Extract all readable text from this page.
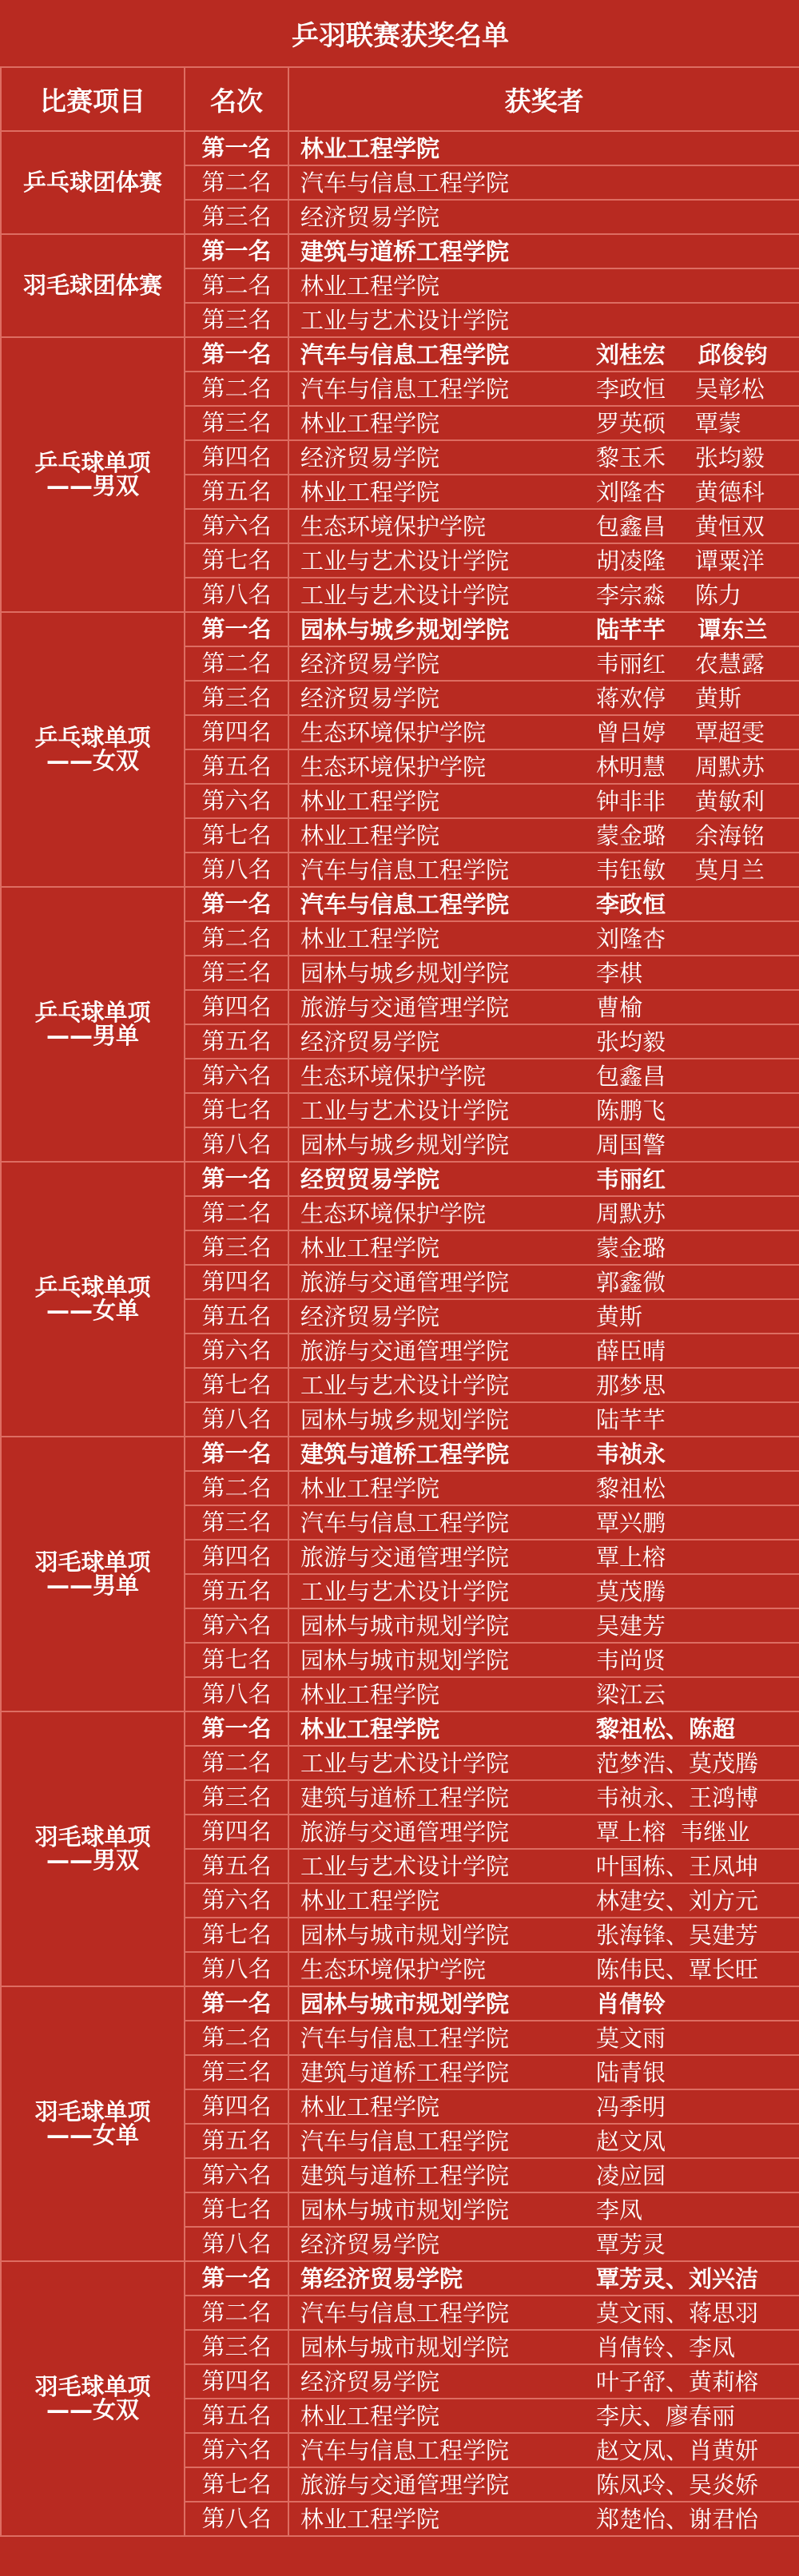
乒羽联赛获奖名单		
比赛项目	名次	获奖者

乒乓球团体赛	第一名	林业工程学院
	第二名	汽车与信息工程学院
	第三名	经济贸易学院

羽毛球团体赛	第一名	建筑与道桥工程学院
	第二名	林业工程学院
	第三名	工业与艺术设计学院

乒乓球单项
——男双	第一名	汽车与信息工程学院 刘桂宏    邱俊钧
	第二名	汽车与信息工程学院 李政恒    吴彰松
	第三名	林业工程学院 罗英硕    覃蒙
	第四名	经济贸易学院 黎玉禾    张均毅
	第五名	林业工程学院 刘隆杏    黄德科
	第六名	生态环境保护学院 包鑫昌    黄恒双
	第七名	工业与艺术设计学院 胡凌隆    谭粟洋
	第八名	工业与艺术设计学院 李宗淼    陈力

乒乓球单项
——女双	第一名	园林与城乡规划学院 陆芊芊    谭东兰
	第二名	经济贸易学院 韦丽红    农慧露
	第三名	经济贸易学院 蒋欢停    黄斯
	第四名	生态环境保护学院 曾吕婷    覃超雯
	第五名	生态环境保护学院 林明慧    周默苏
	第六名	林业工程学院 钟非非    黄敏利
	第七名	林业工程学院 蒙金璐    余海铭
	第八名	汽车与信息工程学院 韦钰敏    莫月兰

乒乓球单项
——男单	第一名	汽车与信息工程学院 李政恒
	第二名	林业工程学院 刘隆杏
	第三名	园林与城乡规划学院 李棋
	第四名	旅游与交通管理学院 曹榆
	第五名	经济贸易学院 张均毅
	第六名	生态环境保护学院 包鑫昌
	第七名	工业与艺术设计学院 陈鹏飞
	第八名	园林与城乡规划学院 周国警

乒乓球单项
——女单	第一名	经贸贸易学院 韦丽红
	第二名	生态环境保护学院 周默苏
	第三名	林业工程学院 蒙金璐
	第四名	旅游与交通管理学院 郭鑫微
	第五名	经济贸易学院 黄斯
	第六名	旅游与交通管理学院 薛臣晴
	第七名	工业与艺术设计学院 那梦思
	第八名	园林与城乡规划学院 陆芊芊

羽毛球单项
——男单	第一名	建筑与道桥工程学院 韦祯永
	第二名	林业工程学院 黎祖松
	第三名	汽车与信息工程学院 覃兴鹏
	第四名	旅游与交通管理学院 覃上榕
	第五名	工业与艺术设计学院 莫茂腾
	第六名	园林与城市规划学院 吴建芳
	第七名	园林与城市规划学院 韦尚贤
	第八名	林业工程学院 梁江云

羽毛球单项
——男双	第一名	林业工程学院 黎祖松、陈超
	第二名	工业与艺术设计学院 范梦浩、莫茂腾
	第三名	建筑与道桥工程学院 韦祯永、王鸿博
	第四名	旅游与交通管理学院 覃上榕  韦继业
	第五名	工业与艺术设计学院 叶国栋、王凤坤
	第六名	林业工程学院 林建安、刘方元
	第七名	园林与城市规划学院 张海锋、吴建芳
	第八名	生态环境保护学院 陈伟民、覃长旺

羽毛球单项
——女单	第一名	园林与城市规划学院 肖倩铃
	第二名	汽车与信息工程学院 莫文雨
	第三名	建筑与道桥工程学院 陆青银
	第四名	林业工程学院 冯季明
	第五名	汽车与信息工程学院 赵文凤
	第六名	建筑与道桥工程学院 凌应园
	第七名	园林与城市规划学院 李凤
	第八名	经济贸易学院 覃芳灵

羽毛球单项
——女双	第一名	第经济贸易学院 覃芳灵、刘兴洁
	第二名	汽车与信息工程学院 莫文雨、蒋思羽
	第三名	园林与城市规划学院 肖倩铃、李凤
	第四名	经济贸易学院 叶子舒、黄莉榕
	第五名	林业工程学院 李庆、廖春丽
	第六名	汽车与信息工程学院 赵文凤、肖黄妍
	第七名	旅游与交通管理学院 陈凤玲、吴炎娇
	第八名	林业工程学院 郑楚怡、谢君怡
